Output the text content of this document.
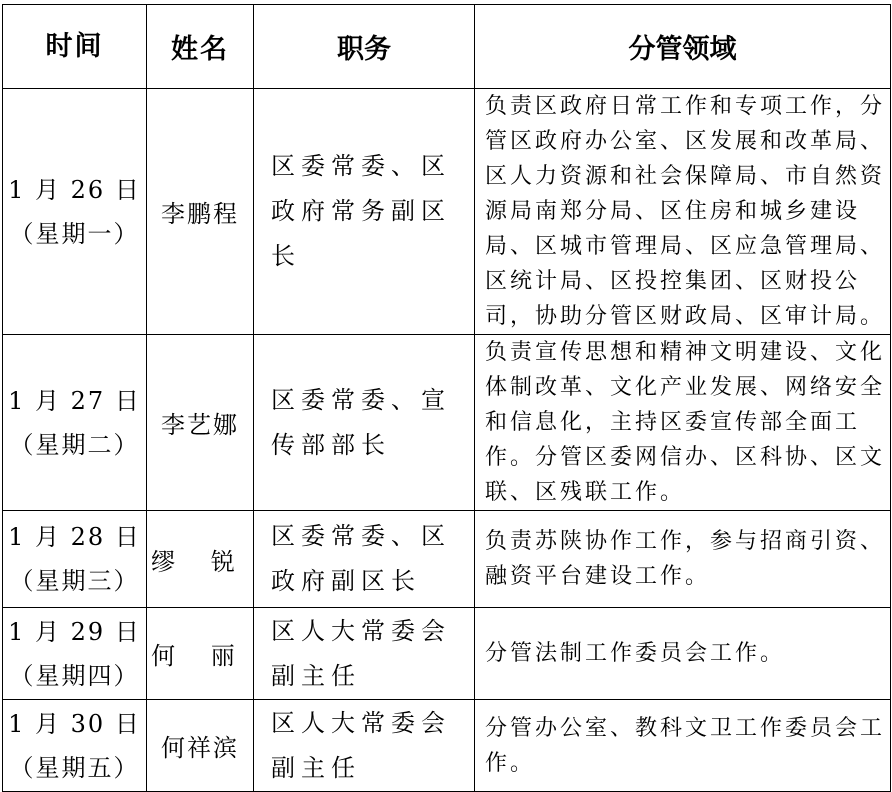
时间	姓名	职务	分管领域

1 月 26 日
（星期一）	李鹏程	区委常委、区政府常务副区长	负责区政府日常工作和专项工作，分管区政府办公室、区发展和改革局、区人力资源和社会保障局、市自然资源局南郑分局、区住房和城乡建设局、区城市管理局、区应急管理局、区统计局、区投控集团、区财投公司，协助分管区财政局、区审计局。

1 月 27 日
（星期二）	李艺娜	区委常委、宣传部部长	负责宣传思想和精神文明建设、文化体制改革、文化产业发展、网络安全和信息化，主持区委宣传部全面工作。分管区委网信办、区科协、区文联、区残联工作。

1 月 28 日
（星期三）	缪 锐	区委常委、区政府副区长	负责苏陕协作工作，参与招商引资、融资平台建设工作。

1 月 29 日
（星期四）	何 丽	区人大常委会副主任	分管法制工作委员会工作。

1 月 30 日
（星期五）	何祥滨	区人大常委会副主任	分管办公室、教科文卫工作委员会工作。
